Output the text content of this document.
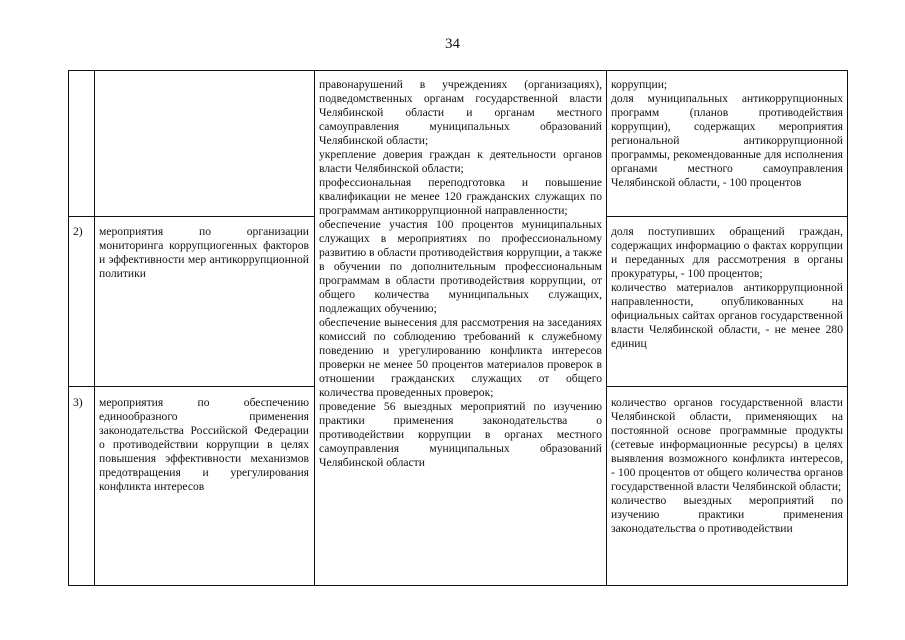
34
2)	мероприятия по организации мониторинга коррупциогенных факторов и эффективности мер антикоррупционной политики

3)	мероприятия по обеспечению единообразного применения законодательства Российской Федерации о противодействии коррупции в целях повышения эффективности механизмов предотвращения и урегулирования конфликта интересов

правонарушений в учреждениях (организациях), подведомственных органам государственной власти Челябинской области и органам местного самоуправления муниципальных образований Челябинской области;

укрепление доверия граждан к деятельности органов власти Челябинской области;

профессиональная переподготовка и повышение квалификации не менее 120 гражданских служащих по программам антикоррупционной направленности;

обеспечение участия 100 процентов муниципальных служащих в мероприятиях по профессиональному развитию в области противодействия коррупции, а также в обучении по дополнительным профессиональным программам в области противодействия коррупции, от общего количества муниципальных служащих, подлежащих обучению;

обеспечение вынесения для рассмотрения на заседаниях комиссий по соблюдению требований к служебному поведению и урегулированию конфликта интересов проверки не менее 50 процентов материалов проверок в отношении гражданских служащих от общего количества проведенных проверок;

проведение 56 выездных мероприятий по изучению практики применения законодательства о противодействии коррупции в органах местного самоуправления муниципальных образований Челябинской области

коррупции;

доля муниципальных антикоррупционных программ (планов противодействия коррупции), содержащих мероприятия региональной антикоррупционной программы, рекомендованные для исполнения органами местного самоуправления Челябинской области, - 100 процентов

доля поступивших обращений граждан, содержащих информацию о фактах коррупции и переданных для рассмотрения в органы прокуратуры, - 100 процентов;

количество материалов антикоррупционной направленности, опубликованных на официальных сайтах органов государственной власти Челябинской области, - не менее 280 единиц

количество органов государственной власти Челябинской области, применяющих на постоянной основе программные продукты (сетевые информационные ресурсы) в целях выявления возможного конфликта интересов, - 100 процентов от общего количества органов государственной власти Челябинской области;

количество выездных мероприятий по изучению практики применения законодательства о противодействии
